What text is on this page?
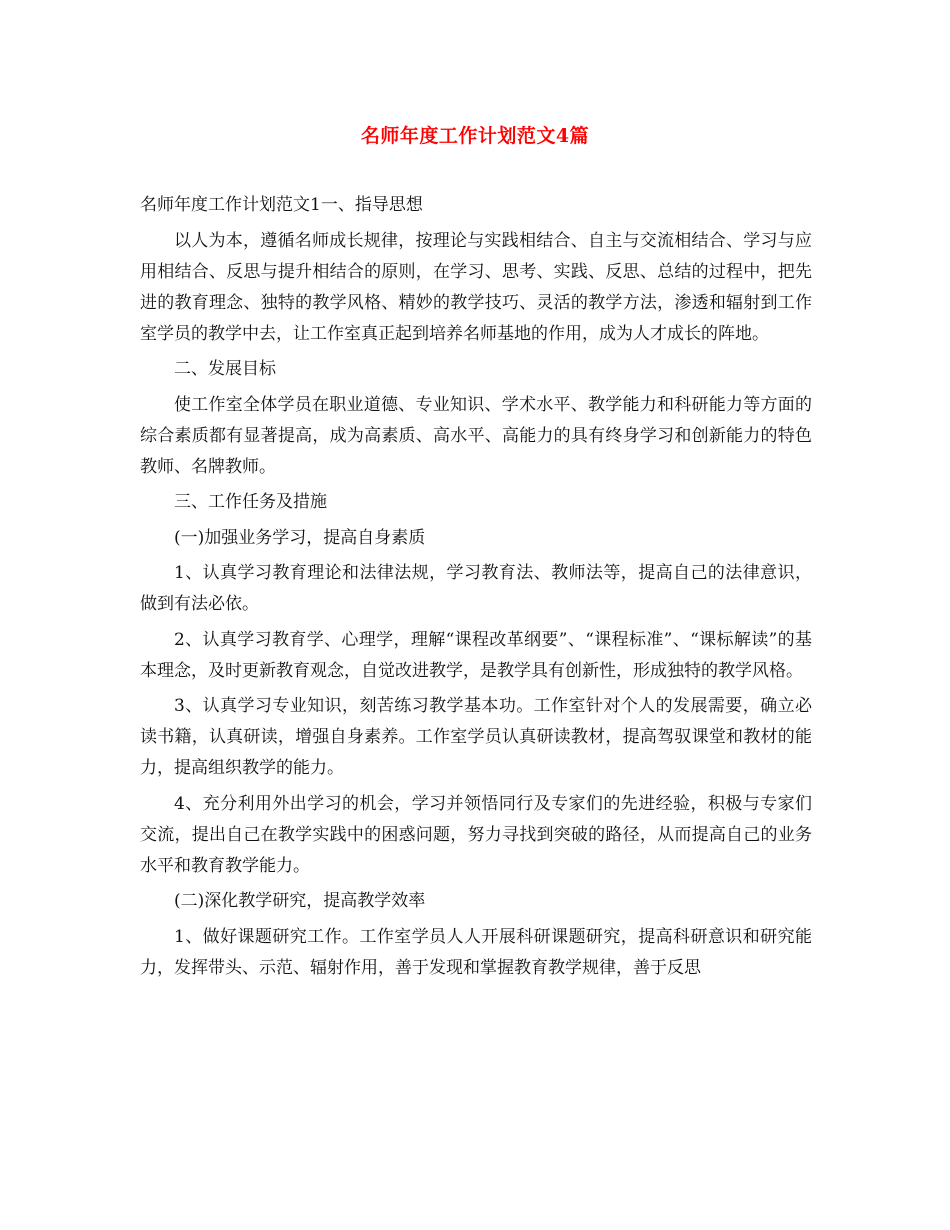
名师年度工作计划范文4篇

名师年度工作计划范文1一、指导思想

以人为本，遵循名师成长规律，按理论与实践相结合、自主与交流相结合、学习与应用相结合、反思与提升相结合的原则，在学习、思考、实践、反思、总结的过程中，把先进的教育理念、独特的教学风格、精妙的教学技巧、灵活的教学方法，渗透和辐射到工作室学员的教学中去，让工作室真正起到培养名师基地的作用，成为人才成长的阵地。

二、发展目标

使工作室全体学员在职业道德、专业知识、学术水平、教学能力和科研能力等方面的综合素质都有显著提高，成为高素质、高水平、高能力的具有终身学习和创新能力的特色教师、名牌教师。

三、工作任务及措施

(一)加强业务学习，提高自身素质

1、认真学习教育理论和法律法规，学习教育法、教师法等，提高自己的法律意识，做到有法必依。

2、认真学习教育学、心理学，理解“课程改革纲要”、“课程标准”、“课标解读”的基本理念，及时更新教育观念，自觉改进教学，是教学具有创新性，形成独特的教学风格。

3、认真学习专业知识，刻苦练习教学基本功。工作室针对个人的发展需要，确立必读书籍，认真研读，增强自身素养。工作室学员认真研读教材，提高驾驭课堂和教材的能力，提高组织教学的能力。

4、充分利用外出学习的机会，学习并领悟同行及专家们的先进经验，积极与专家们交流，提出自己在教学实践中的困惑问题，努力寻找到突破的路径，从而提高自己的业务水平和教育教学能力。

(二)深化教学研究，提高教学效率

1、做好课题研究工作。工作室学员人人开展科研课题研究，提高科研意识和研究能力，发挥带头、示范、辐射作用，善于发现和掌握教育教学规律，善于反思
